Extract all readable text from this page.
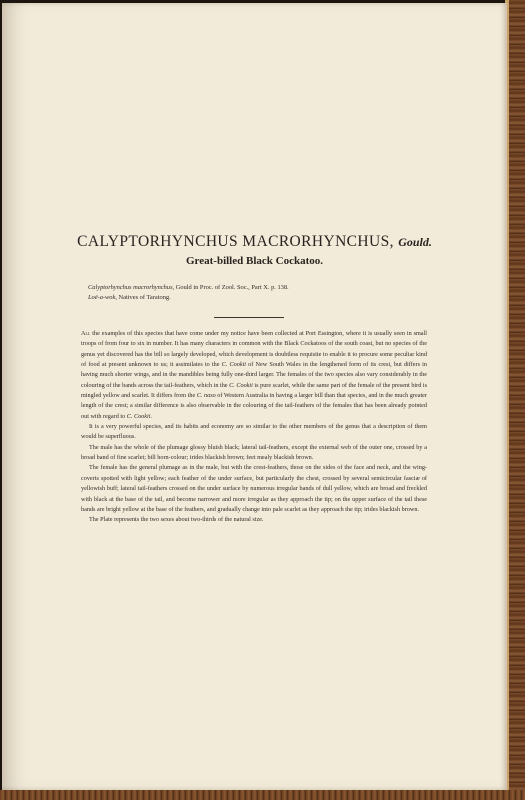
CALYPTORHYNCHUS MACRORHYNCHUS, Gould.
Great-billed Black Cockatoo.
Calyptorhynchus macrorhynchus, Gould in Proc. of Zool. Soc., Part X. p. 138.
Loë-a-wok, Natives of Taratong.

All the examples of this species that have come under my notice have been collected at Port Essington, where it is usually seen in small troops of from four to six in number. It has many characters in common with the Black Cockatoos of the south coast, but no species of the genus yet discovered has the bill so largely developed, which development is doubtless requisite to enable it to procure some peculiar kind of food at present unknown to us; it assimilates to the C. Cookii of New South Wales in the lengthened form of its crest, but differs in having much shorter wings, and in the mandibles being fully one-third larger. The females of the two species also vary considerably in the colouring of the bands across the tail-feathers, which in the C. Cookii is pure scarlet, while the same part of the female of the present bird is mingled yellow and scarlet. It differs from the C. naso of Western Australia in having a larger bill than that species, and in the much greater length of the crest; a similar difference is also observable in the colouring of the tail-feathers of the females that has been already pointed out with regard to C. Cookii.

It is a very powerful species, and its habits and economy are so similar to the other members of the genus that a description of them would be superfluous.

The male has the whole of the plumage glossy bluish black; lateral tail-feathers, except the external web of the outer one, crossed by a broad band of fine scarlet; bill horn-colour; irides blackish brown; feet mealy blackish brown.

The female has the general plumage as in the male, but with the crest-feathers, those on the sides of the face and neck, and the wing-coverts spotted with light yellow; each feather of the under surface, but particularly the chest, crossed by several semicircular fasciæ of yellowish buff; lateral tail-feathers crossed on the under surface by numerous irregular bands of dull yellow, which are broad and freckled with black at the base of the tail, and become narrower and more irregular as they approach the tip; on the upper surface of the tail these bands are bright yellow at the base of the feathers, and gradually change into pale scarlet as they approach the tip; irides blackish brown.

The Plate represents the two sexes about two-thirds of the natural size.
